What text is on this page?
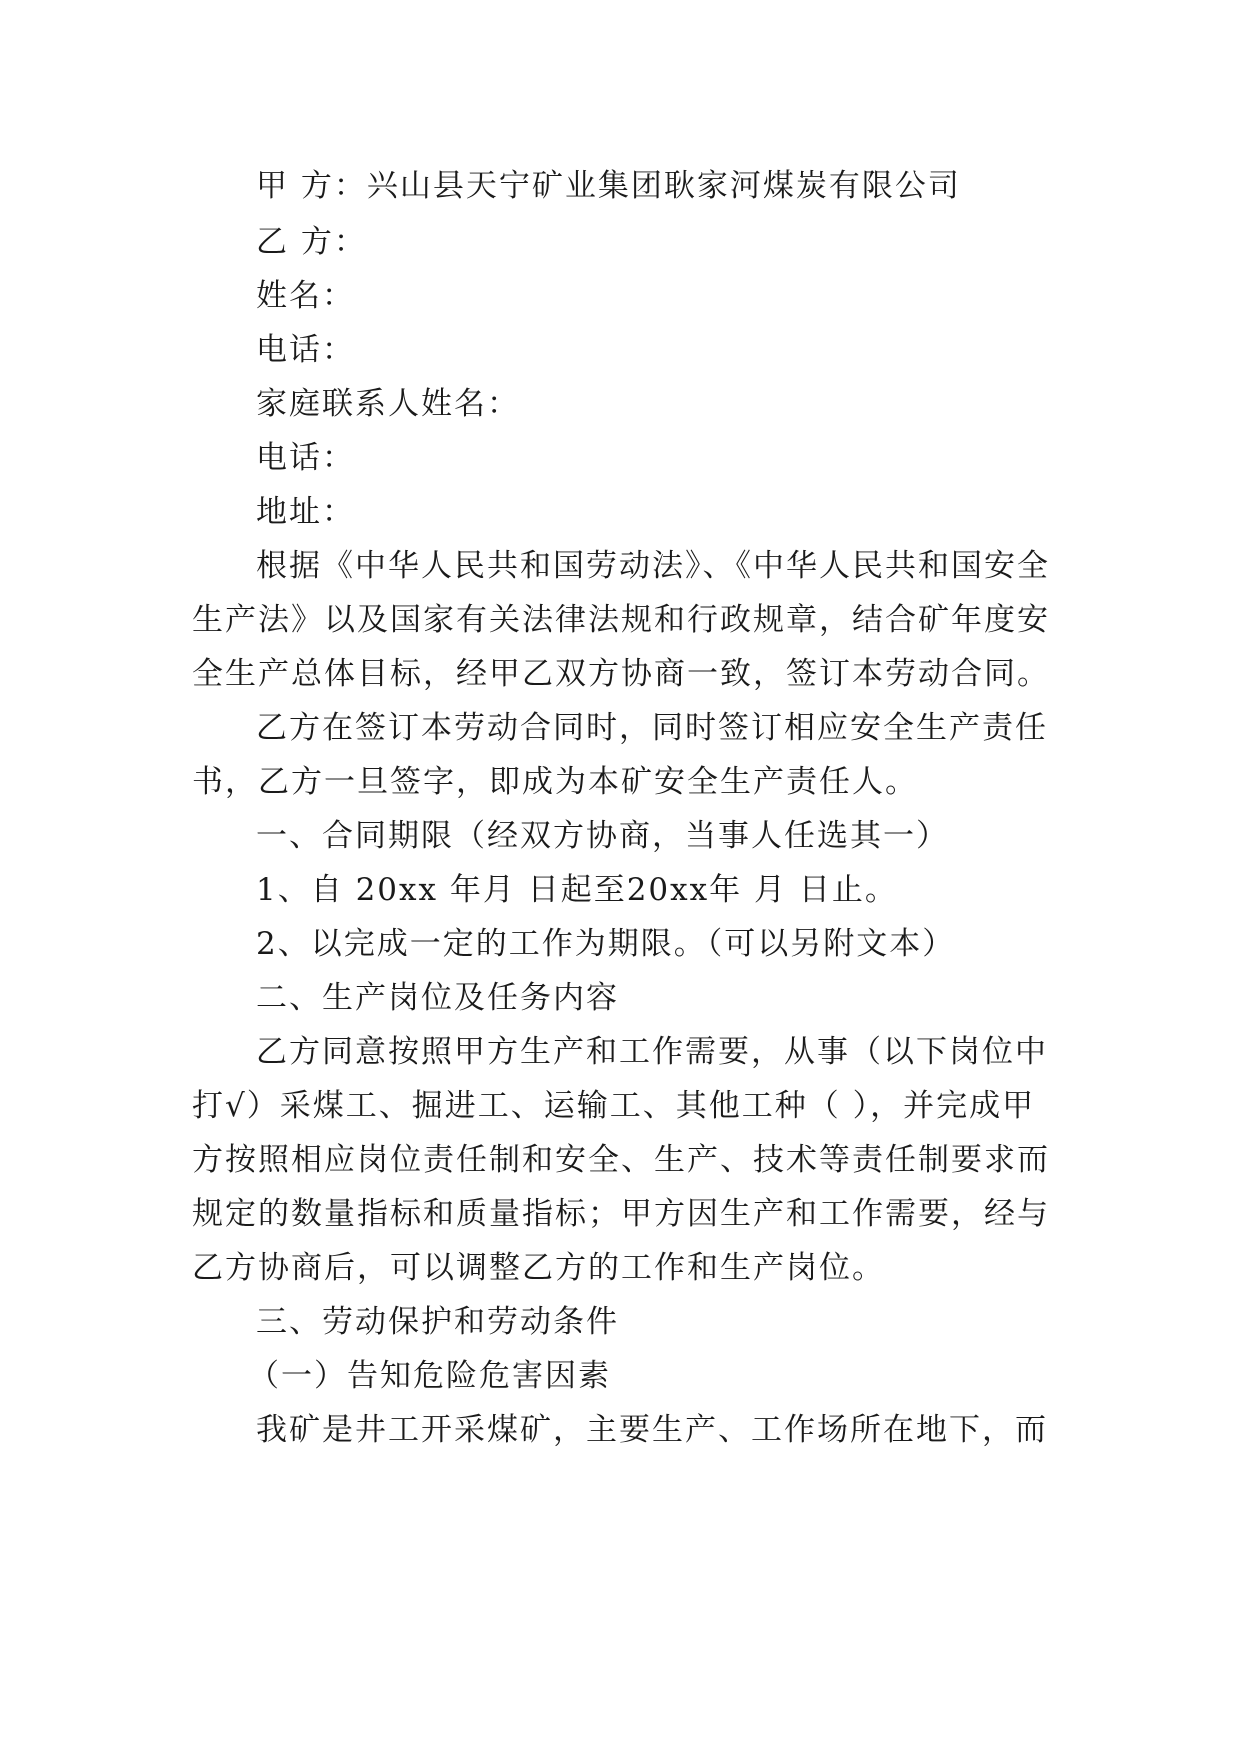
甲 方：兴山县天宁矿业集团耿家河煤炭有限公司
乙 方：
姓名：
电话：
家庭联系人姓名：
电话：
地址：
根据《中华人民共和国劳动法》、《中华人民共和国安全
生产法》以及国家有关法律法规和行政规章，结合矿年度安
全生产总体目标，经甲乙双方协商一致，签订本劳动合同。
乙方在签订本劳动合同时，同时签订相应安全生产责任
书，乙方一旦签字，即成为本矿安全生产责任人。
一、合同期限（经双方协商，当事人任选其一）
1、自 20xx 年月 日起至20xx年 月 日止。
2、以完成一定的工作为期限。（可以另附文本）
二、生产岗位及任务内容
乙方同意按照甲方生产和工作需要，从事（以下岗位中
打√）采煤工、掘进工、运输工、其他工种（ ），并完成甲
方按照相应岗位责任制和安全、生产、技术等责任制要求而
规定的数量指标和质量指标；甲方因生产和工作需要，经与
乙方协商后，可以调整乙方的工作和生产岗位。
三、劳动保护和劳动条件
（一）告知危险危害因素
我矿是井工开采煤矿，主要生产、工作场所在地下，而
